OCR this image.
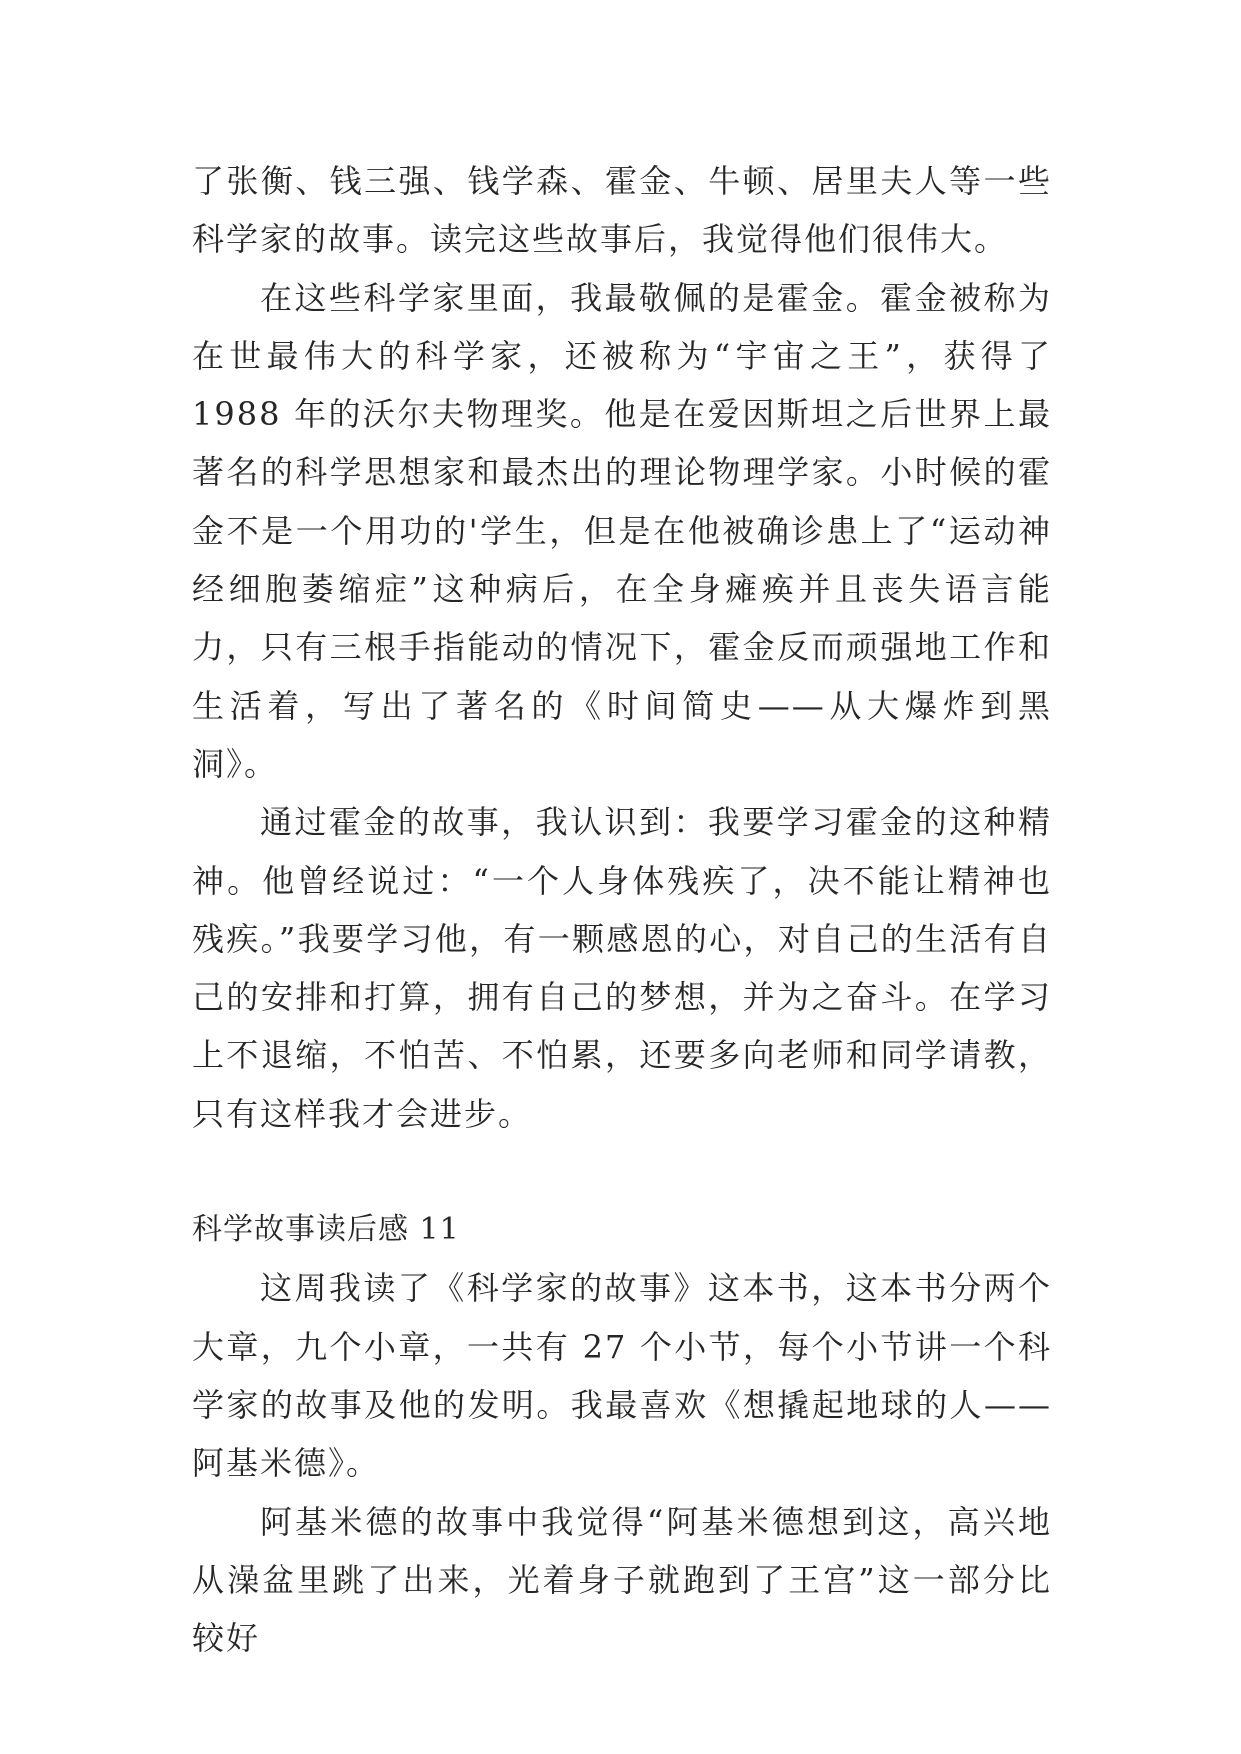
了张衡、钱三强、钱学森、霍金、牛顿、居里夫人等一些科学家的故事。读完这些故事后，我觉得他们很伟大。

在这些科学家里面，我最敬佩的是霍金。霍金被称为在世最伟大的科学家，还被称为“宇宙之王”，获得了 1988 年的沃尔夫物理奖。他是在爱因斯坦之后世界上最著名的科学思想家和最杰出的理论物理学家。小时候的霍金不是一个用功的'学生，但是在他被确诊患上了“运动神经细胞萎缩症”这种病后，在全身瘫痪并且丧失语言能力，只有三根手指能动的情况下，霍金反而顽强地工作和生活着，写出了著名的《时间简史——从大爆炸到黑洞》。

通过霍金的故事，我认识到：我要学习霍金的这种精神。他曾经说过：“一个人身体残疾了，决不能让精神也残疾。”我要学习他，有一颗感恩的心，对自己的生活有自己的安排和打算，拥有自己的梦想，并为之奋斗。在学习上不退缩，不怕苦、不怕累，还要多向老师和同学请教，只有这样我才会进步。

科学故事读后感 11

这周我读了《科学家的故事》这本书，这本书分两个大章，九个小章，一共有 27 个小节，每个小节讲一个科学家的故事及他的发明。我最喜欢《想撬起地球的人——阿基米德》。

阿基米德的故事中我觉得“阿基米德想到这，高兴地从澡盆里跳了出来，光着身子就跑到了王宫”这一部分比较好
